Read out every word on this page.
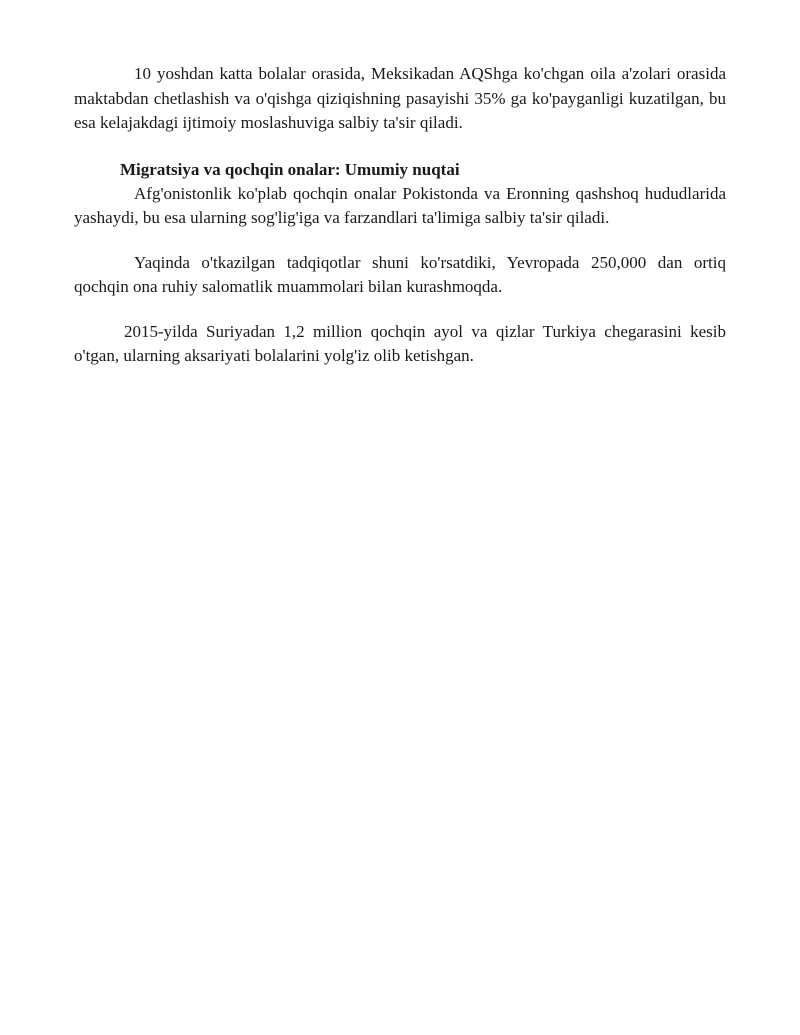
10 yoshdan katta bolalar orasida, Meksikadan AQShga ko'chgan oila a'zolari orasida maktabdan chetlashish va o'qishga qiziqishning pasayishi 35% ga ko'payganligi kuzatilgan, bu esa kelajakdagi ijtimoiy moslashuviga salbiy ta'sir qiladi.

Migratsiya va qochqin onalar: Umumiy nuqtai

Afg'onistonlik ko'plab qochqin onalar Pokistonda va Eronning qashshoq hududlarida yashaydi, bu esa ularning sog'lig'iga va farzandlari ta'limiga salbiy ta'sir qiladi.

Yaqinda o'tkazilgan tadqiqotlar shuni ko'rsatdiki, Yevropada 250,000 dan ortiq qochqin ona ruhiy salomatlik muammolari bilan kurashmoqda.

2015-yilda Suriyadan 1,2 million qochqin ayol va qizlar Turkiya chegarasini kesib o'tgan, ularning aksariyati bolalarini yolg'iz olib ketishgan.
